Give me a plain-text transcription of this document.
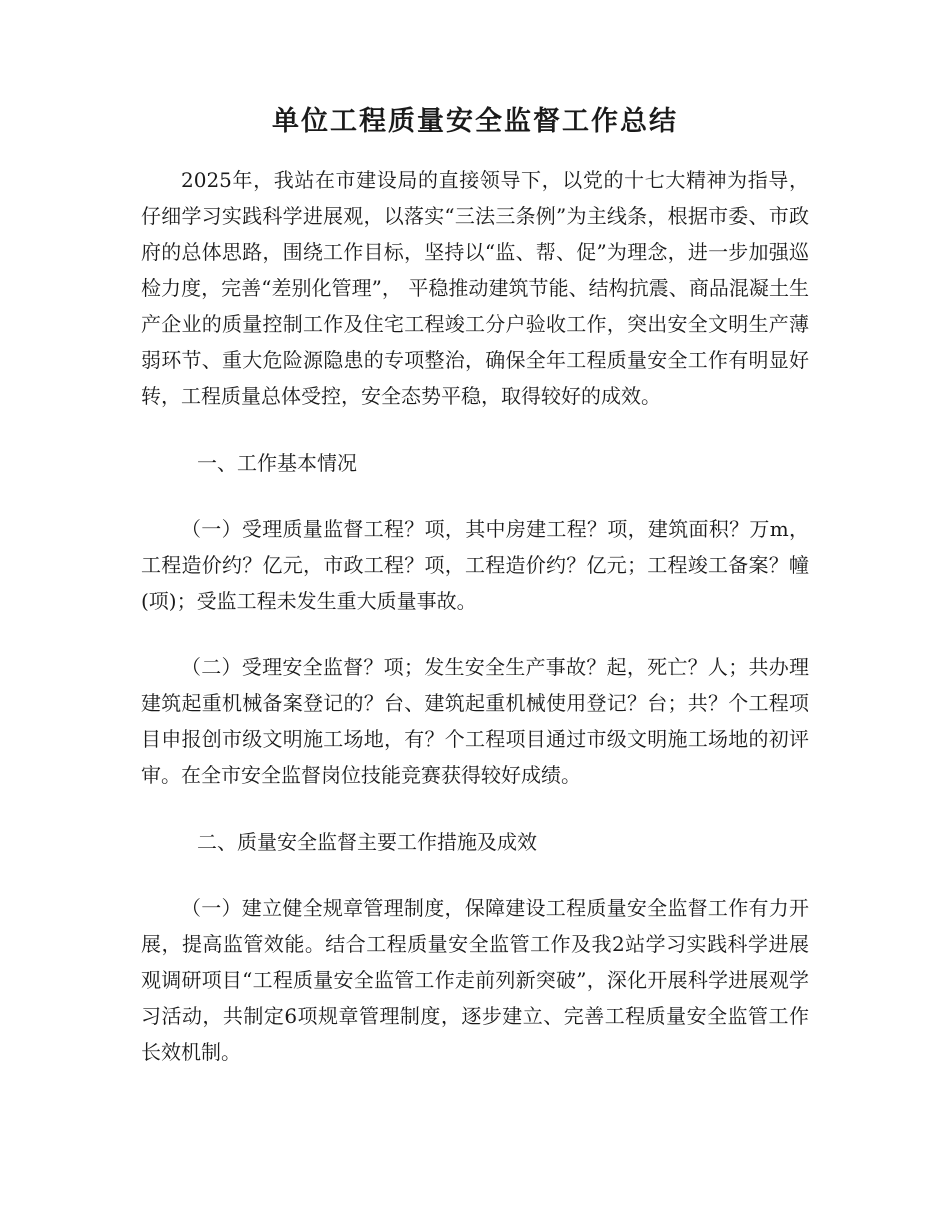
单位工程质量安全监督工作总结

2025年，我站在市建设局的直接领导下，以党的十七大精神为指导，仔细学习实践科学进展观，以落实“三法三条例”为主线条，根据市委、市政府的总体思路，围绕工作目标，坚持以“监、帮、促”为理念，进一步加强巡检力度，完善“差别化管理”， 平稳推动建筑节能、结构抗震、商品混凝土生产企业的质量控制工作及住宅工程竣工分户验收工作，突出安全文明生产薄弱环节、重大危险源隐患的专项整治，确保全年工程质量安全工作有明显好转，工程质量总体受控，安全态势平稳，取得较好的成效。

一、工作基本情况

（一）受理质量监督工程？项，其中房建工程？项，建筑面积？万m，工程造价约？亿元，市政工程？项，工程造价约？亿元；工程竣工备案？幢(项)；受监工程未发生重大质量事故。

（二）受理安全监督？项；发生安全生产事故？起，死亡？人；共办理建筑起重机械备案登记的？台、建筑起重机械使用登记？台；共？个工程项目申报创市级文明施工场地，有？个工程项目通过市级文明施工场地的初评审。在全市安全监督岗位技能竞赛获得较好成绩。

二、质量安全监督主要工作措施及成效

（一）建立健全规章管理制度，保障建设工程质量安全监督工作有力开展，提高监管效能。结合工程质量安全监管工作及我2站学习实践科学进展观调研项目“工程质量安全监管工作走前列新突破”，深化开展科学进展观学习活动，共制定6项规章管理制度，逐步建立、完善工程质量安全监管工作长效机制。
